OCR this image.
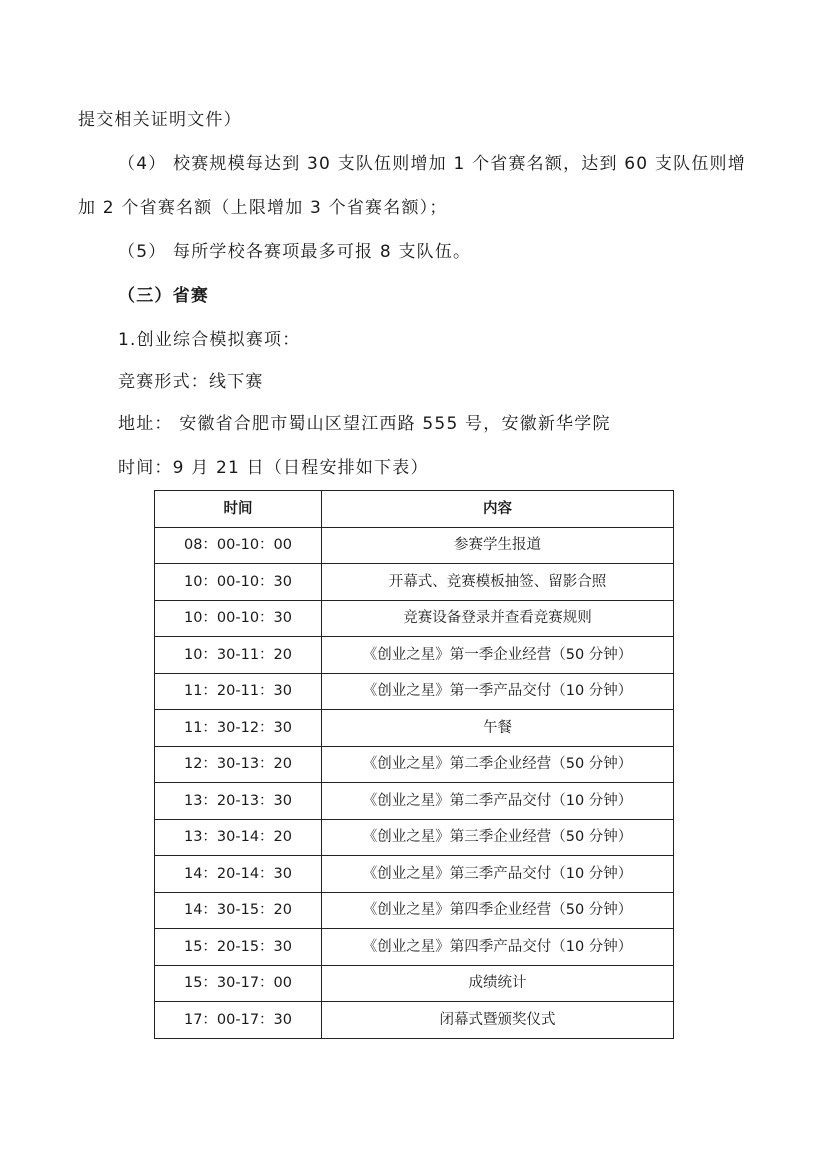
提交相关证明文件）
（4） 校赛规模每达到 30 支队伍则增加 1 个省赛名额，达到 60 支队伍则增
加 2 个省赛名额（上限增加 3 个省赛名额）；
（5） 每所学校各赛项最多可报 8 支队伍。
（三）省赛
1.创业综合模拟赛项：
竞赛形式：线下赛
地址： 安徽省合肥市蜀山区望江西路 555 号，安徽新华学院
时间：9 月 21 日（日程安排如下表）
时间	内容
08：00-10：00	参赛学生报道
10：00-10：30	开幕式、竞赛模板抽签、留影合照
10：00-10：30	竞赛设备登录并查看竞赛规则
10：30-11：20	《创业之星》第一季企业经营（50 分钟）
11：20-11：30	《创业之星》第一季产品交付（10 分钟）
11：30-12：30	午餐
12：30-13：20	《创业之星》第二季企业经营（50 分钟）
13：20-13：30	《创业之星》第二季产品交付（10 分钟）
13：30-14：20	《创业之星》第三季企业经营（50 分钟）
14：20-14：30	《创业之星》第三季产品交付（10 分钟）
14：30-15：20	《创业之星》第四季企业经营（50 分钟）
15：20-15：30	《创业之星》第四季产品交付（10 分钟）
15：30-17：00	成绩统计
17：00-17：30	闭幕式暨颁奖仪式
